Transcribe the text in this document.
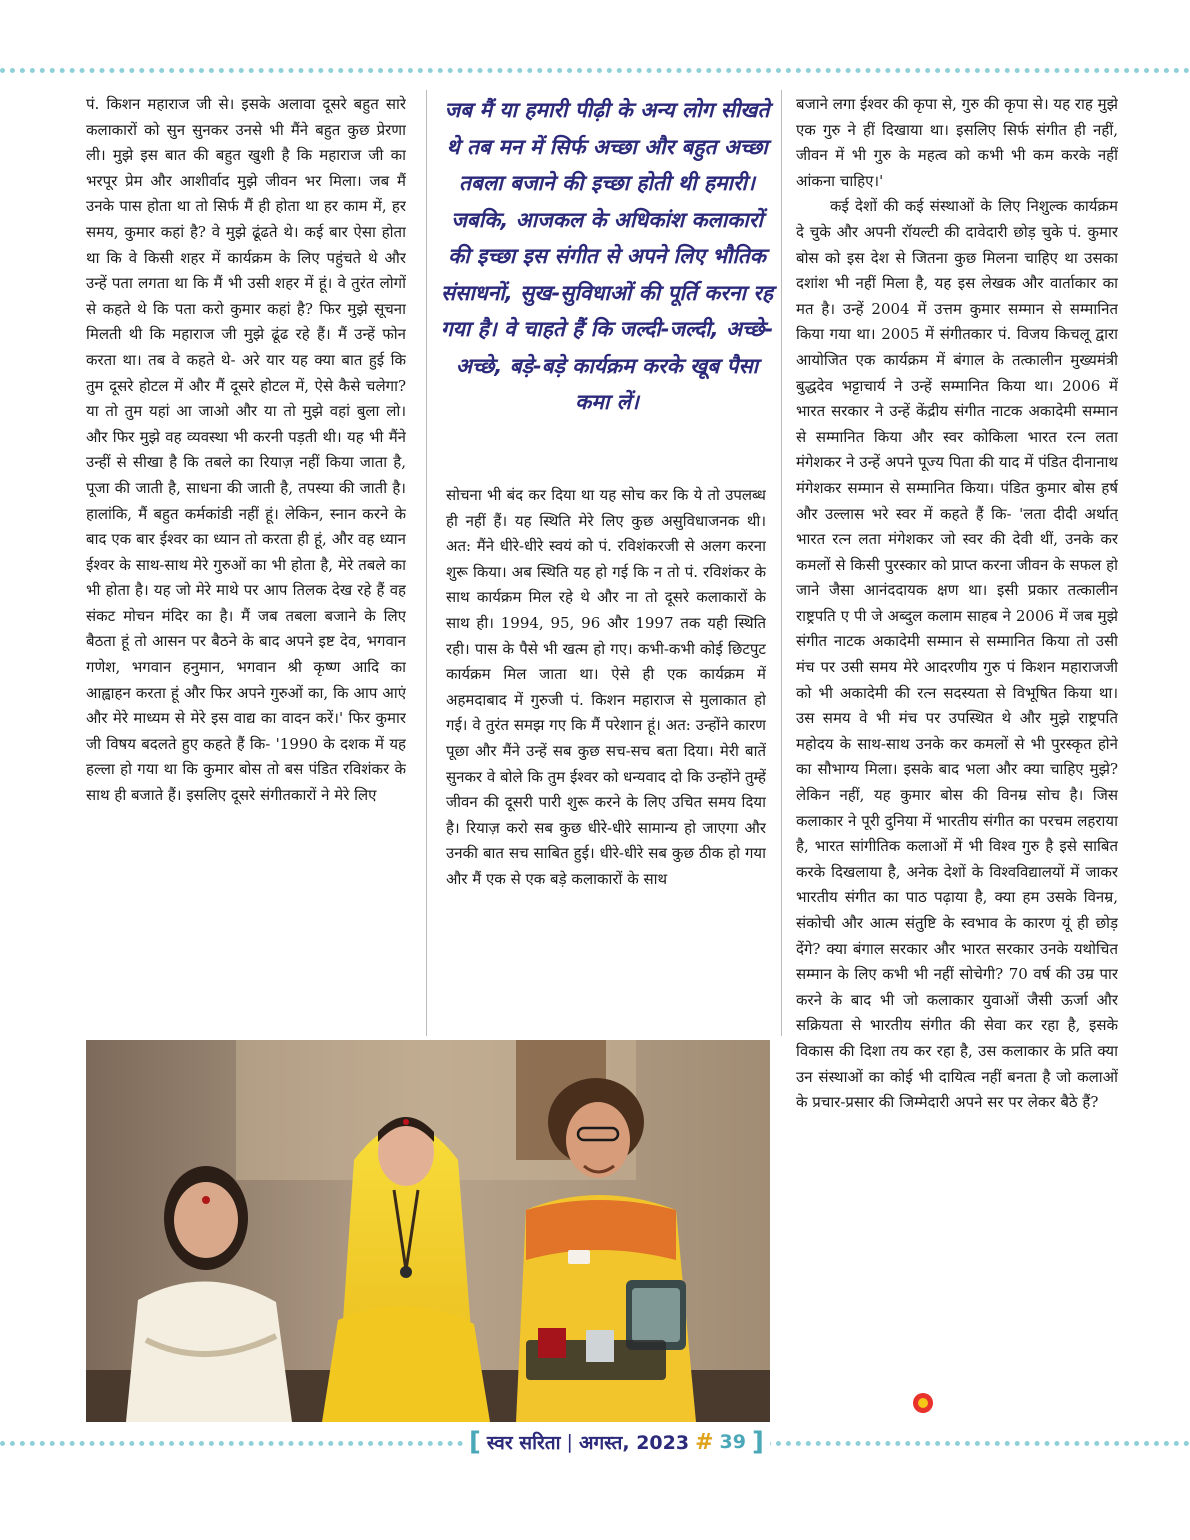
पं. किशन महाराज जी से। इसके अलावा दूसरे बहुत सारे कलाकारों को सुन सुनकर उनसे भी मैंने बहुत कुछ प्रेरणा ली। मुझे इस बात की बहुत खुशी है कि महाराज जी का भरपूर प्रेम और आशीर्वाद मुझे जीवन भर मिला। जब मैं उनके पास होता था तो सिर्फ मैं ही होता था हर काम में, हर समय, कुमार कहां है? वे मुझे ढूंढते थे। कई बार ऐसा होता था कि वे किसी शहर में कार्यक्रम के लिए पहुंचते थे और उन्हें पता लगता था कि मैं भी उसी शहर में हूं। वे तुरंत लोगों से कहते थे कि पता करो कुमार कहां है? फिर मुझे सूचना मिलती थी कि महाराज जी मुझे ढूंढ रहे हैं। मैं उन्हें फोन करता था। तब वे कहते थे- अरे यार यह क्या बात हुई कि तुम दूसरे होटल में और मैं दूसरे होटल में, ऐसे कैसे चलेगा? या तो तुम यहां आ जाओ और या तो मुझे वहां बुला लो। और फिर मुझे वह व्यवस्था भी करनी पड़ती थी। यह भी मैंने उन्हीं से सीखा है कि तबले का रियाज़ नहीं किया जाता है, पूजा की जाती है, साधना की जाती है, तपस्या की जाती है। हालांकि, मैं बहुत कर्मकांडी नहीं हूं। लेकिन, स्नान करने के बाद एक बार ईश्वर का ध्यान तो करता ही हूं, और वह ध्यान ईश्वर के साथ-साथ मेरे गुरुओं का भी होता है, मेरे तबले का भी होता है। यह जो मेरे माथे पर आप तिलक देख रहे हैं वह संकट मोचन मंदिर का है। मैं जब तबला बजाने के लिए बैठता हूं तो आसन पर बैठने के बाद अपने इष्ट देव, भगवान गणेश, भगवान हनुमान, भगवान श्री कृष्ण आदि का आह्वाहन करता हूं और फिर अपने गुरुओं का, कि आप आएं और मेरे माध्यम से मेरे इस वाद्य का वादन करें।' फिर कुमार जी विषय बदलते हुए कहते हैं कि- '1990 के दशक में यह हल्ला हो गया था कि कुमार बोस तो बस पंडित रविशंकर के साथ ही बजाते हैं। इसलिए दूसरे संगीतकारों ने मेरे लिए

जब मैं या हमारी पीढ़ी के अन्य लोग सीखते थे तब मन में सिर्फ अच्छा और बहुत अच्छा तबला बजाने की इच्छा होती थी हमारी। जबकि, आजकल के अधिकांश कलाकारों की इच्छा इस संगीत से अपने लिए भौतिक संसाधनों, सुख-सुविधाओं की पूर्ति करना रह गया है। वे चाहते हैं कि जल्दी-जल्दी, अच्छे-अच्छे, बड़े-बड़े कार्यक्रम करके खूब पैसा कमा लें।

सोचना भी बंद कर दिया था यह सोच कर कि ये तो उपलब्ध ही नहीं हैं। यह स्थिति मेरे लिए कुछ असुविधाजनक थी। अत: मैंने धीरे-धीरे स्वयं को पं. रविशंकरजी से अलग करना शुरू किया। अब स्थिति यह हो गई कि न तो पं. रविशंकर के साथ कार्यक्रम मिल रहे थे और ना तो दूसरे कलाकारों के साथ ही। 1994, 95, 96 और 1997 तक यही स्थिति रही। पास के पैसे भी खत्म हो गए। कभी-कभी कोई छिटपुट कार्यक्रम मिल जाता था। ऐसे ही एक कार्यक्रम में अहमदाबाद में गुरुजी पं. किशन महाराज से मुलाकात हो गई। वे तुरंत समझ गए कि मैं परेशान हूं। अत: उन्होंने कारण पूछा और मैंने उन्हें सब कुछ सच-सच बता दिया। मेरी बातें सुनकर वे बोले कि तुम ईश्वर को धन्यवाद दो कि उन्होंने तुम्हें जीवन की दूसरी पारी शुरू करने के लिए उचित समय दिया है। रियाज़ करो सब कुछ धीरे-धीरे सामान्य हो जाएगा और उनकी बात सच साबित हुई। धीरे-धीरे सब कुछ ठीक हो गया और मैं एक से एक बड़े कलाकारों के साथ

बजाने लगा ईश्वर की कृपा से, गुरु की कृपा से। यह राह मुझे एक गुरु ने हीं दिखाया था। इसलिए सिर्फ संगीत ही नहीं, जीवन में भी गुरु के महत्व को कभी भी कम करके नहीं आंकना चाहिए।'

कई देशों की कई संस्थाओं के लिए निशुल्क कार्यक्रम दे चुके और अपनी रॉयल्टी की दावेदारी छोड़ चुके पं. कुमार बोस को इस देश से जितना कुछ मिलना चाहिए था उसका दशांश भी नहीं मिला है, यह इस लेखक और वार्ताकार का मत है। उन्हें 2004 में उत्तम कुमार सम्मान से सम्मानित किया गया था। 2005 में संगीतकार पं. विजय किचलू द्वारा आयोजित एक कार्यक्रम में बंगाल के तत्कालीन मुख्यमंत्री बुद्धदेव भट्टाचार्य ने उन्हें सम्मानित किया था। 2006 में भारत सरकार ने उन्हें केंद्रीय संगीत नाटक अकादेमी सम्मान से सम्मानित किया और स्वर कोकिला भारत रत्न लता मंगेशकर ने उन्हें अपने पूज्य पिता की याद में पंडित दीनानाथ मंगेशकर सम्मान से सम्मानित किया। पंडित कुमार बोस हर्ष और उल्लास भरे स्वर में कहते हैं कि- 'लता दीदी अर्थात् भारत रत्न लता मंगेशकर जो स्वर की देवी थीं, उनके कर कमलों से किसी पुरस्कार को प्राप्त करना जीवन के सफल हो जाने जैसा आनंददायक क्षण था। इसी प्रकार तत्कालीन राष्ट्रपति ए पी जे अब्दुल कलाम साहब ने 2006 में जब मुझे संगीत नाटक अकादेमी सम्मान से सम्मानित किया तो उसी मंच पर उसी समय मेरे आदरणीय गुरु पं किशन महाराजजी को भी अकादेमी की रत्न सदस्यता से विभूषित किया था। उस समय वे भी मंच पर उपस्थित थे और मुझे राष्ट्रपति महोदय के साथ-साथ उनके कर कमलों से भी पुरस्कृत होने का सौभाग्य मिला। इसके बाद भला और क्या चाहिए मुझे? लेकिन नहीं, यह कुमार बोस की विनम्र सोच है। जिस कलाकार ने पूरी दुनिया में भारतीय संगीत का परचम लहराया है, भारत सांगीतिक कलाओं में भी विश्व गुरु है इसे साबित करके दिखलाया है, अनेक देशों के विश्वविद्यालयों में जाकर भारतीय संगीत का पाठ पढ़ाया है, क्या हम उसके विनम्र, संकोची और आत्म संतुष्टि के स्वभाव के कारण यूं ही छोड़ देंगे? क्या बंगाल सरकार और भारत सरकार उनके यथोचित सम्मान के लिए कभी भी नहीं सोचेगी? 70 वर्ष की उम्र पार करने के बाद भी जो कलाकार युवाओं जैसी ऊर्जा और सक्रियता से भारतीय संगीत की सेवा कर रहा है, इसके विकास की दिशा तय कर रहा है, उस कलाकार के प्रति क्या उन संस्थाओं का कोई भी दायित्व नहीं बनता है जो कलाओं के प्रचार-प्रसार की जिम्मेदारी अपने सर पर लेकर बैठे हैं?

[ स्वर सरिता | अगस्त, 2023 # 39 ]
